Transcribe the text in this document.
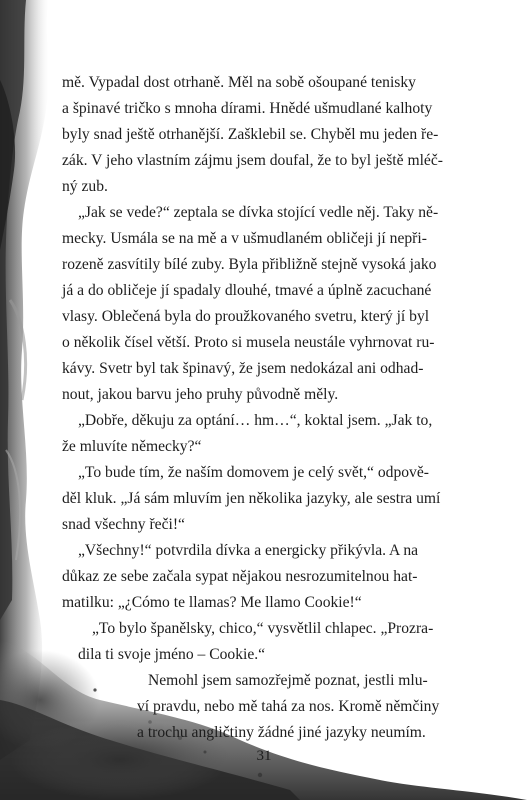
mě. Vypadal dost otrhaně. Měl na sobě ošoupané tenisky
a špinavé tričko s mnoha dírami. Hnědé ušmudlané kalhoty
byly snad ještě otrhanější. Zašklebil se. Chyběl mu jeden ře-
zák. V jeho vlastním zájmu jsem doufal, že to byl ještě mléč-
ný zub.
„Jak se vede?“ zeptala se dívka stojící vedle něj. Taky ně-
mecky. Usmála se na mě a v ušmudlaném obličeji jí nepři-
rozeně zasvítily bílé zuby. Byla přibližně stejně vysoká jako
já a do obličeje jí spadaly dlouhé, tmavé a úplně zacuchané
vlasy. Oblečená byla do proužkovaného svetru, který jí byl
o několik čísel větší. Proto si musela neustále vyhrnovat ru-
kávy. Svetr byl tak špinavý, že jsem nedokázal ani odhad-
nout, jakou barvu jeho pruhy původně měly.
„Dobře, děkuju za optání… hm…“, koktal jsem. „Jak to,
že mluvíte německy?“
„To bude tím, že naším domovem je celý svět,“ odpově-
děl kluk. „Já sám mluvím jen několika jazyky, ale sestra umí
snad všechny řeči!“
„Všechny!“ potvrdila dívka a energicky přikývla. A na
důkaz ze sebe začala sypat nějakou nesrozumitelnou hat-
matilku: „¿Cómo te llamas? Me llamo Cookie!“
„To bylo španělsky, chico,“ vysvětlil chlapec. „Prozra-
dila ti svoje jméno – Cookie.“
Nemohl jsem samozřejmě poznat, jestli mlu-
ví pravdu, nebo mě tahá za nos. Kromě němčiny
a trochu angličtiny žádné jiné jazyky neumím.
31
